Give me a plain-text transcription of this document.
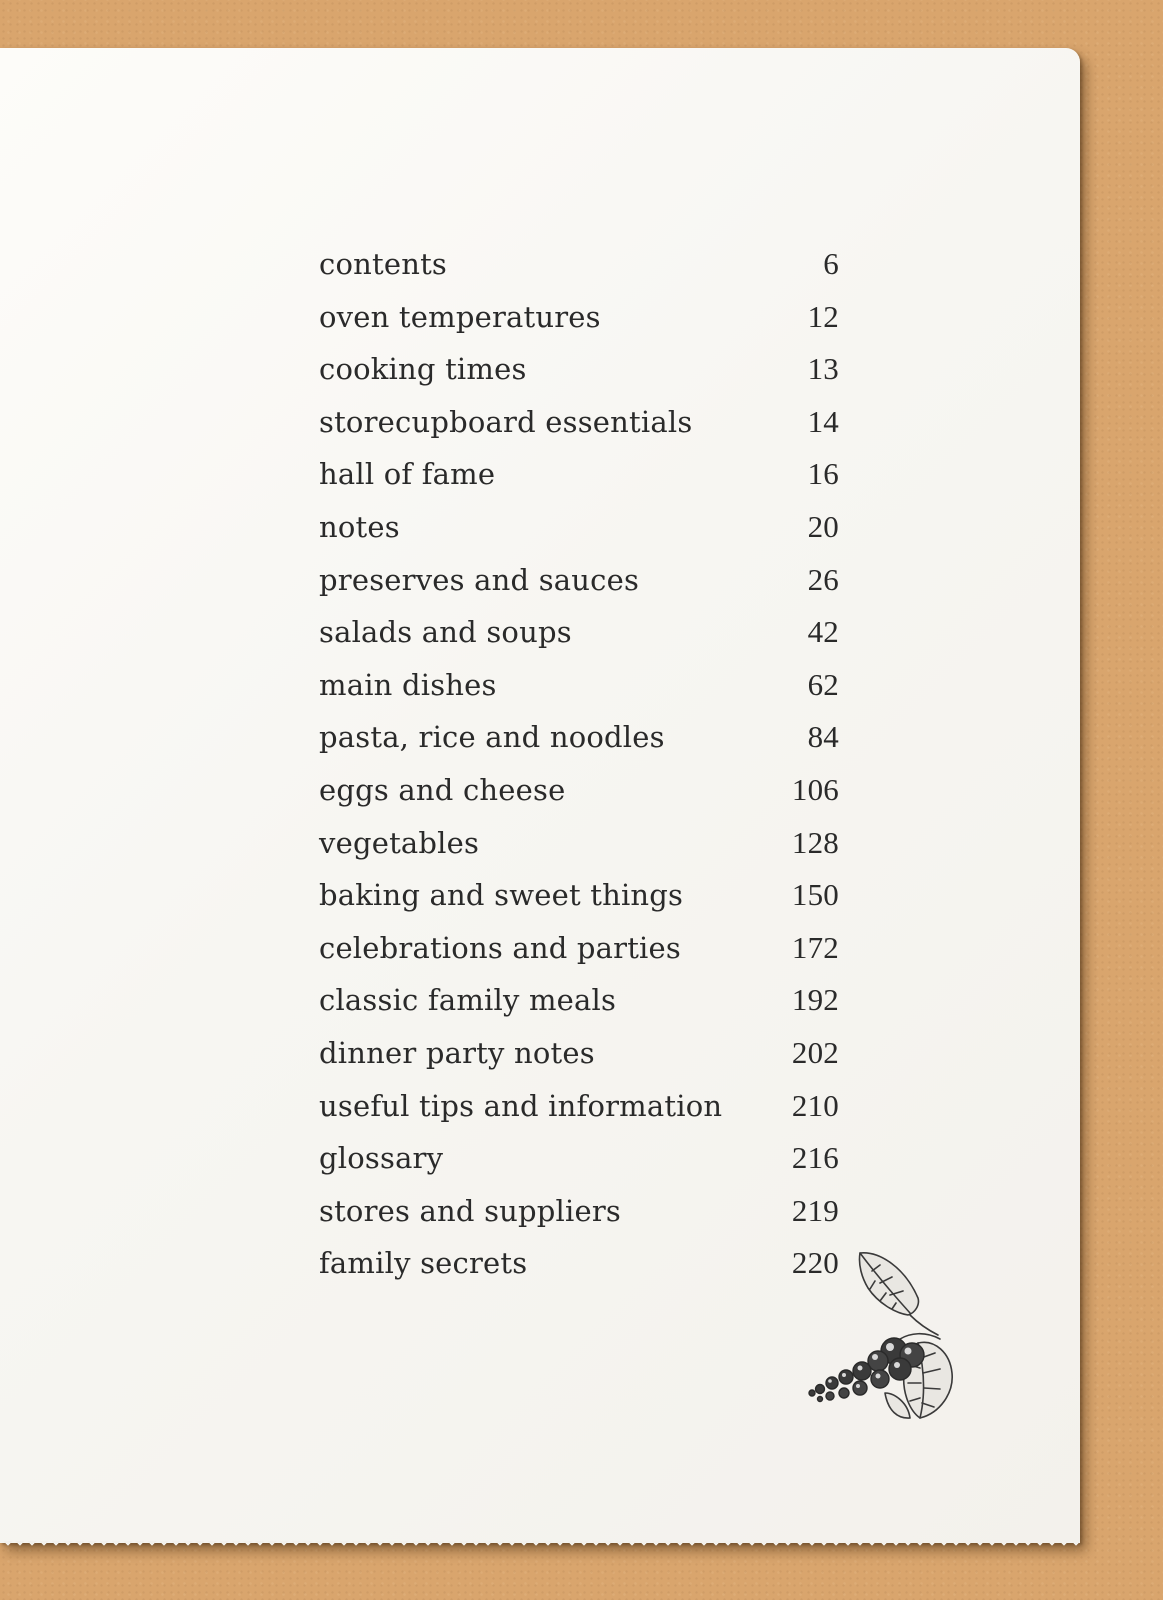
contents	6
oven temperatures	12
cooking times	13
storecupboard essentials	14
hall of fame	16
notes	20
preserves and sauces	26
salads and soups	42
main dishes	62
pasta, rice and noodles	84
eggs and cheese	106
vegetables	128
baking and sweet things	150
celebrations and parties	172
classic family meals	192
dinner party notes	202
useful tips and information 210
glossary	216
stores and suppliers	219
family secrets	220
